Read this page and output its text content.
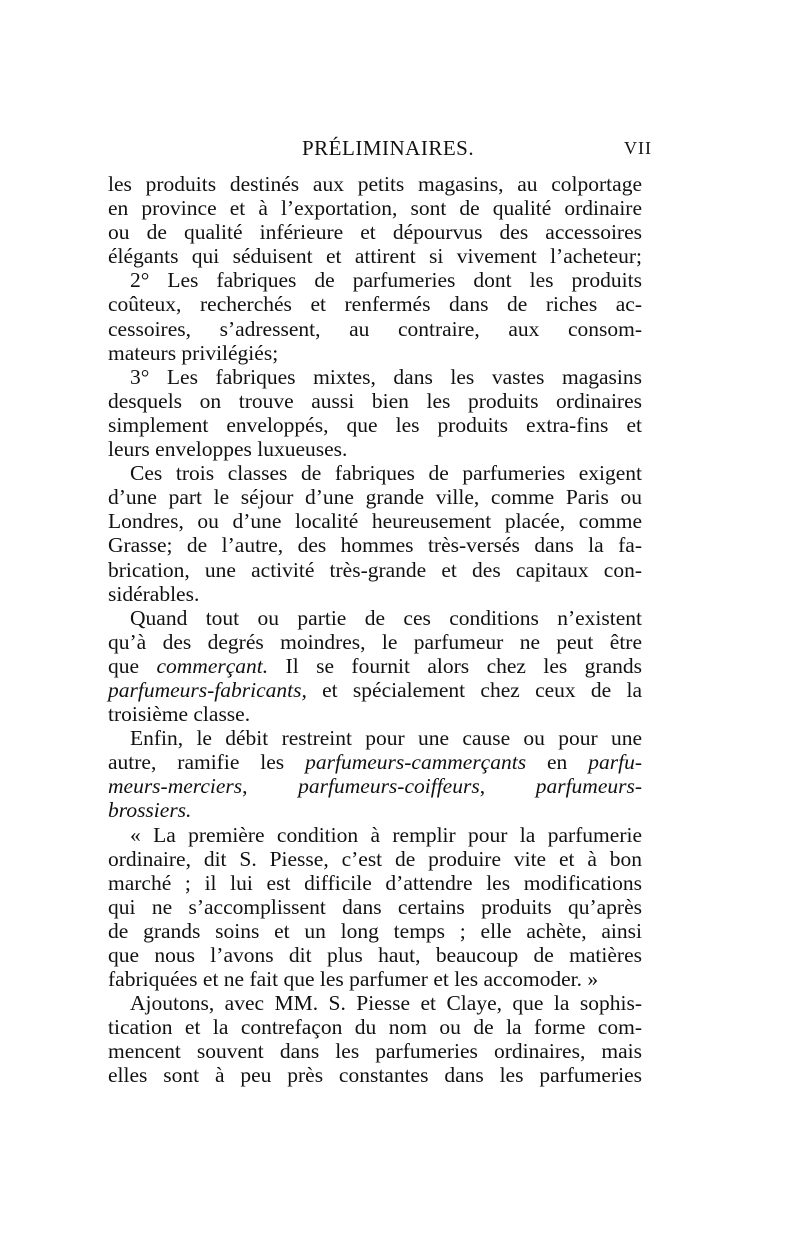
PRÉLIMINAIRES.	VII
les produits destinés aux petits magasins, au colportage
en province et à l’exportation, sont de qualité ordinaire
ou de qualité inférieure et dépourvus des accessoires
élégants qui séduisent et attirent si vivement l’acheteur;
2° Les fabriques de parfumeries dont les produits
coûteux, recherchés et renfermés dans de riches ac-
cessoires, s’adressent, au contraire, aux consom-
mateurs privilégiés;
3° Les fabriques mixtes, dans les vastes magasins
desquels on trouve aussi bien les produits ordinaires
simplement enveloppés, que les produits extra-fins et
leurs enveloppes luxueuses.
Ces trois classes de fabriques de parfumeries exigent
d’une part le séjour d’une grande ville, comme Paris ou
Londres, ou d’une localité heureusement placée, comme
Grasse; de l’autre, des hommes très-versés dans la fa-
brication, une activité très-grande et des capitaux con-
sidérables.
Quand tout ou partie de ces conditions n’existent
qu’à des degrés moindres, le parfumeur ne peut être
que commerçant. Il se fournit alors chez les grands
parfumeurs-fabricants, et spécialement chez ceux de la
troisième classe.
Enfin, le débit restreint pour une cause ou pour une
autre, ramifie les parfumeurs-cammerçants en parfu-
meurs-merciers, parfumeurs-coiffeurs, parfumeurs-
brossiers.
« La première condition à remplir pour la parfumerie
ordinaire, dit S. Piesse, c’est de produire vite et à bon
marché ; il lui est difficile d’attendre les modifications
qui ne s’accomplissent dans certains produits qu’après
de grands soins et un long temps ; elle achète, ainsi
que nous l’avons dit plus haut, beaucoup de matières
fabriquées et ne fait que les parfumer et les accomoder. »
Ajoutons, avec MM. S. Piesse et Claye, que la sophis-
tication et la contrefaçon du nom ou de la forme com-
mencent souvent dans les parfumeries ordinaires, mais
elles sont à peu près constantes dans les parfumeries
